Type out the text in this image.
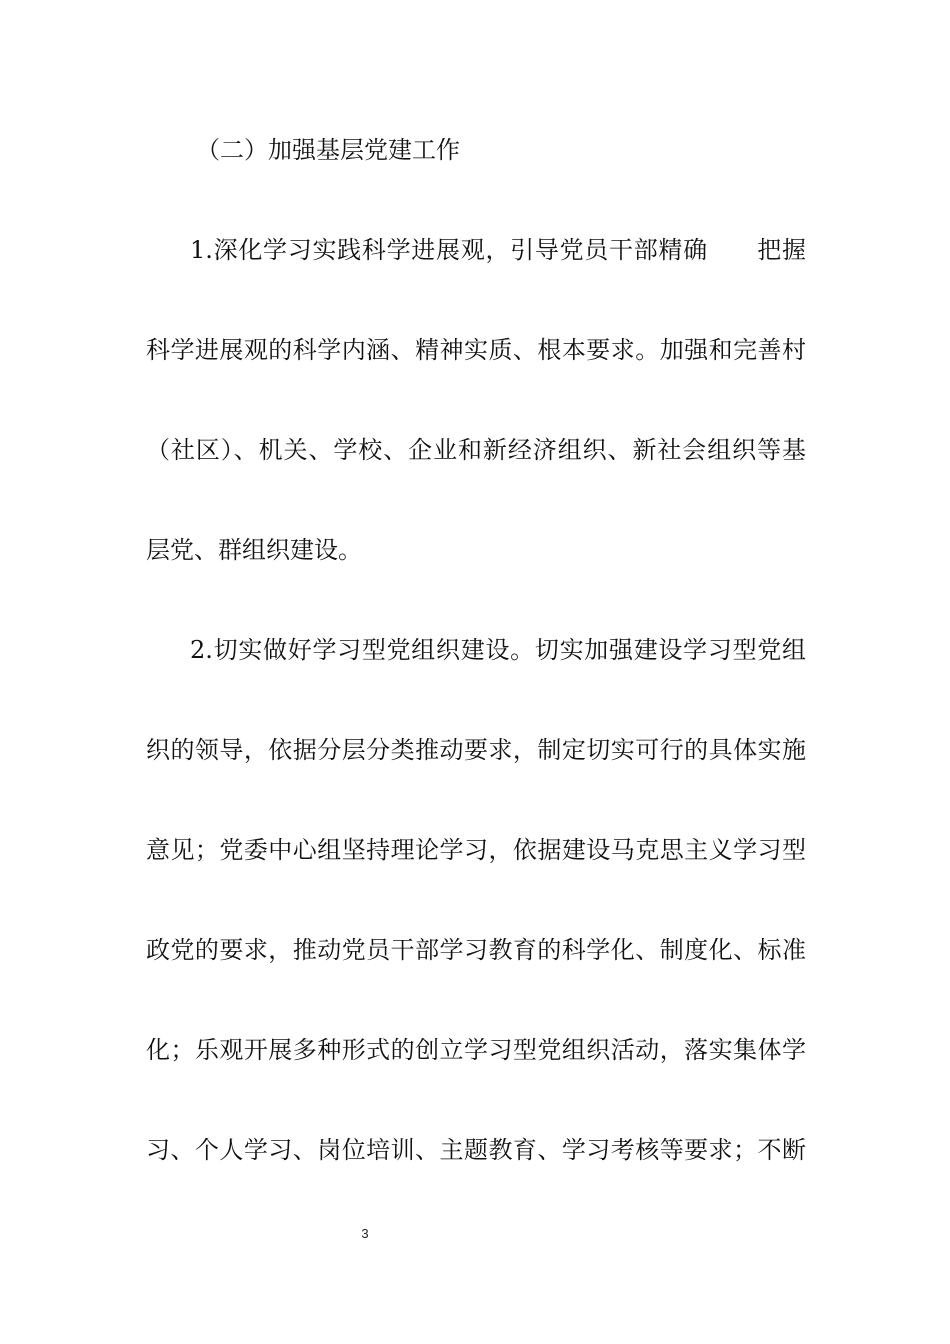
（二）加强基层党建工作
1.深化学习实践科学进展观，引导党员干部精确　　把握
科学进展观的科学内涵、精神实质、根本要求。加强和完善村
（社区）、机关、学校、企业和新经济组织、新社会组织等基
层党、群组织建设。
2.切实做好学习型党组织建设。切实加强建设学习型党组
织的领导，依据分层分类推动要求，制定切实可行的具体实施
意见；党委中心组坚持理论学习，依据建设马克思主义学习型
政党的要求，推动党员干部学习教育的科学化、制度化、标准
化；乐观开展多种形式的创立学习型党组织活动，落实集体学
习、个人学习、岗位培训、主题教育、学习考核等要求；不断
3
